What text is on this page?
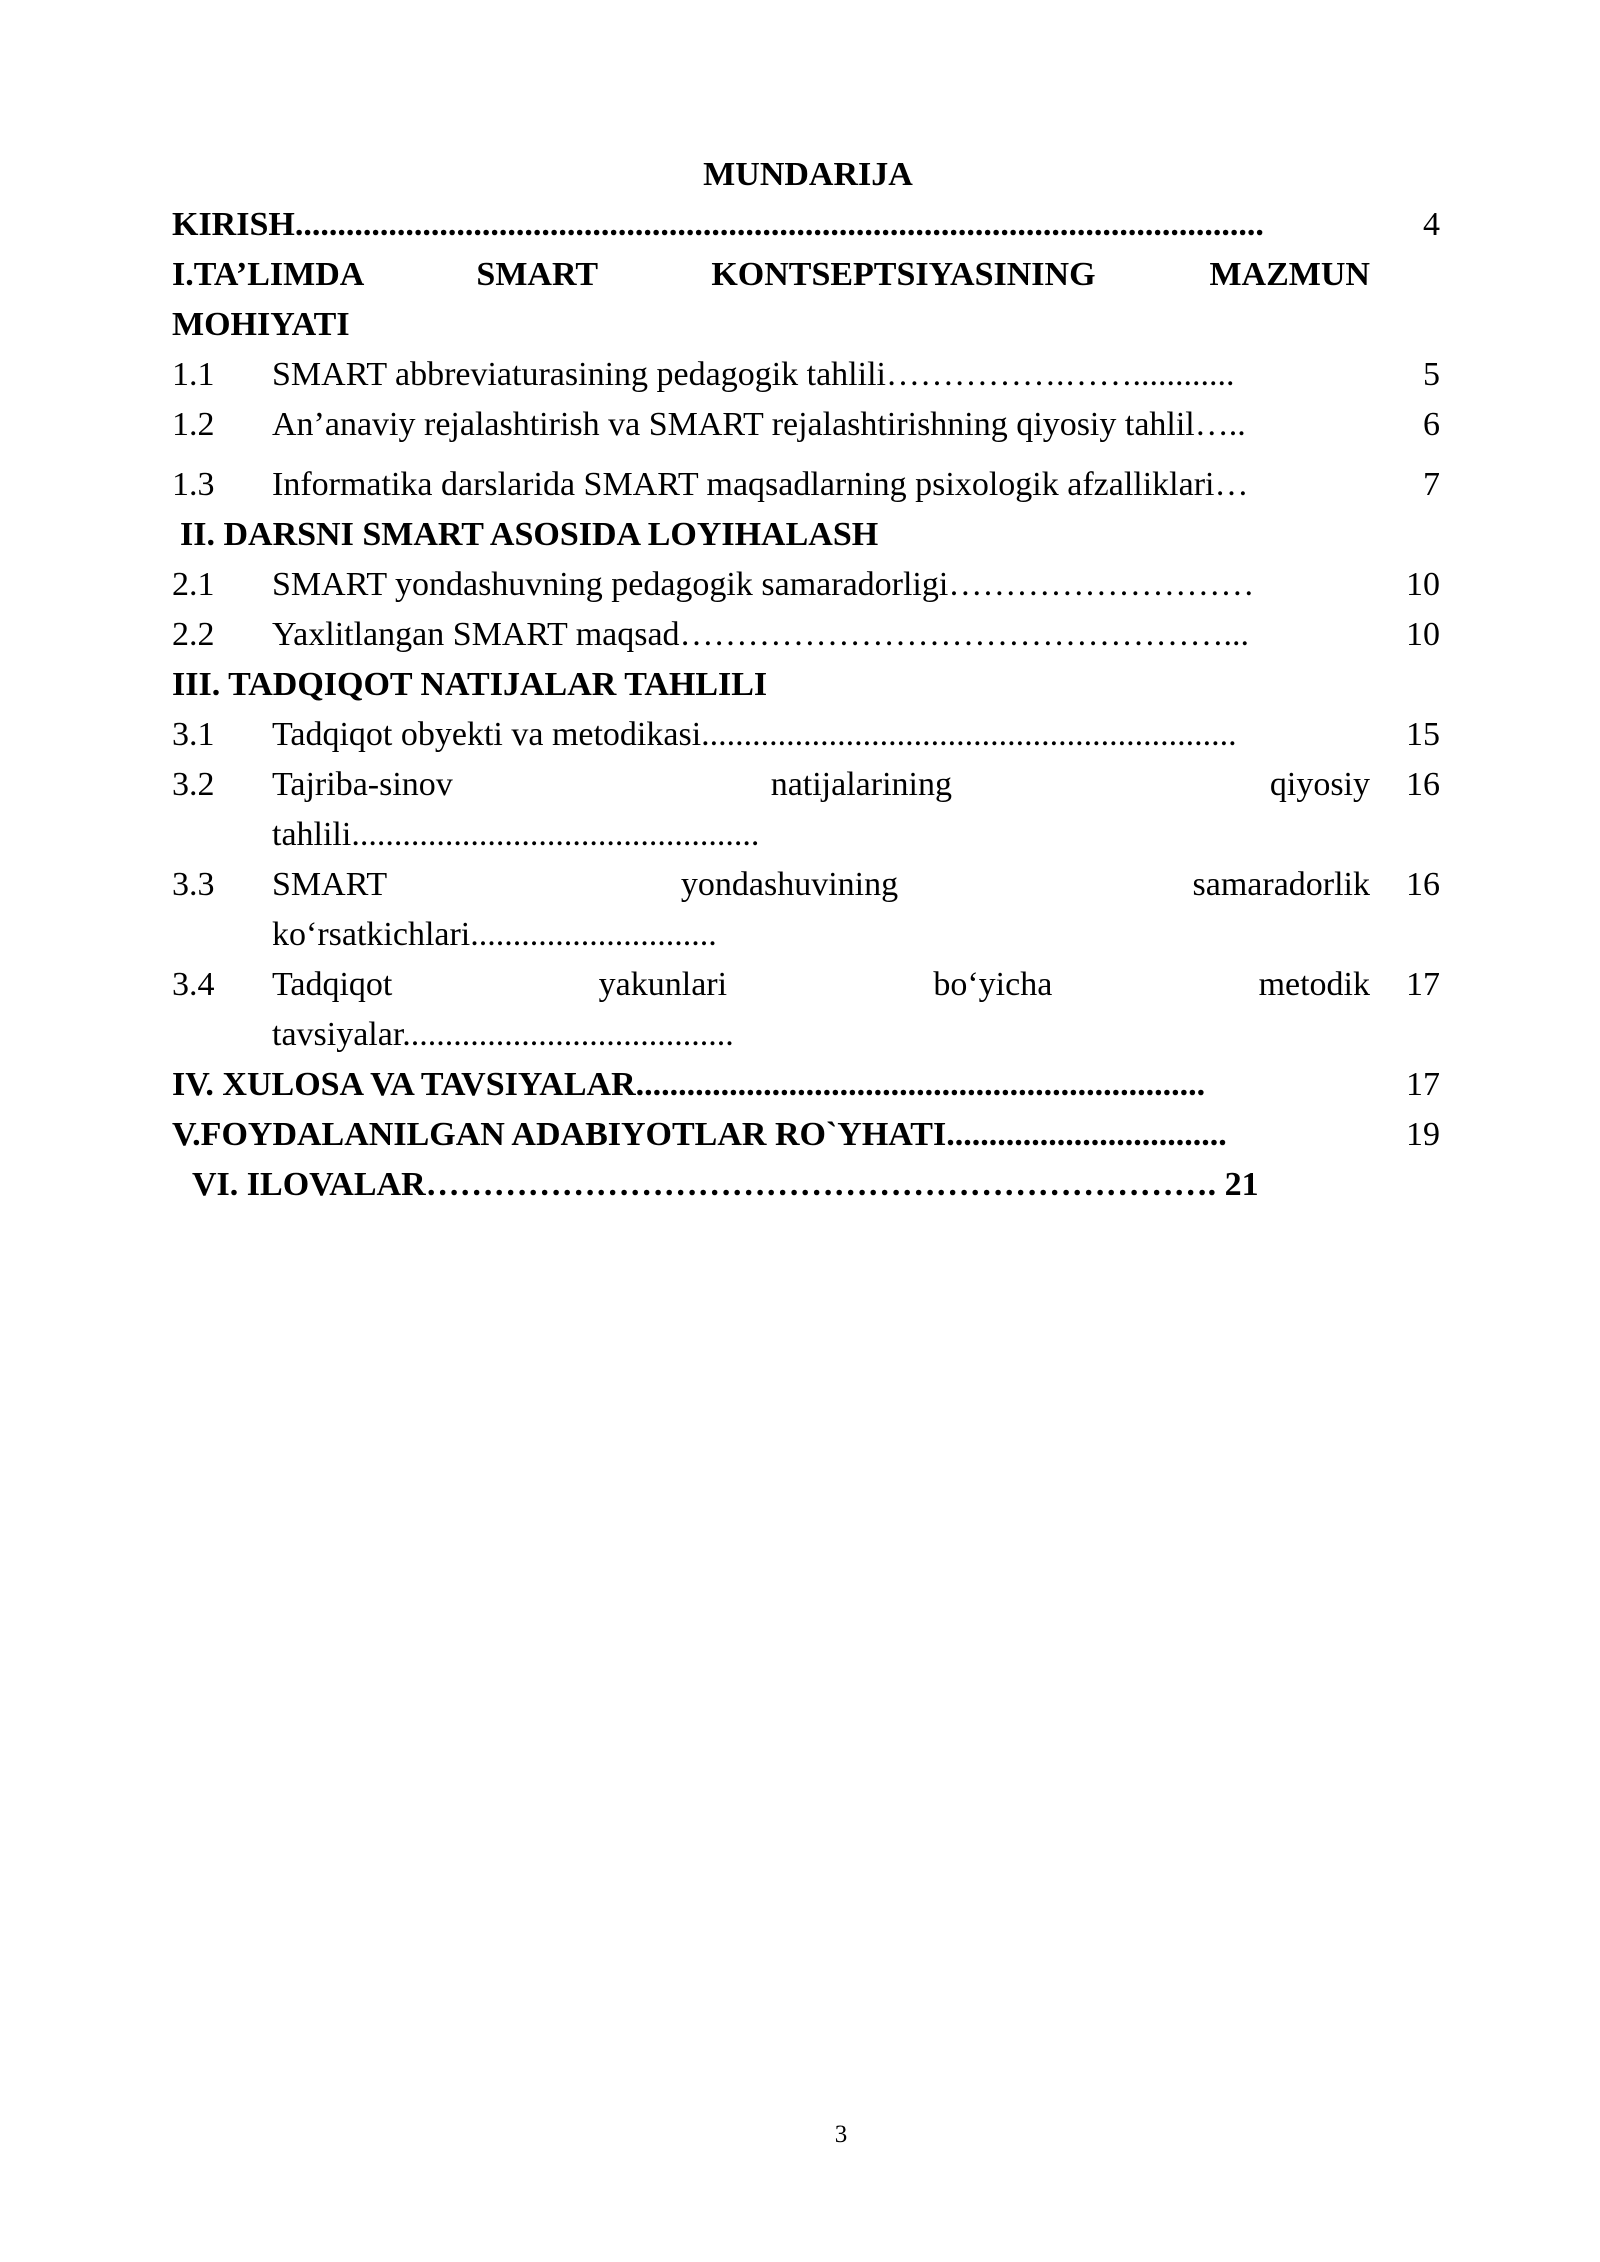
MUNDARIJA
KIRISH..................................................................................................................	4
I.TA’LIMDA SMART KONTSEPTSIYASINING MAZMUN
MOHIYATI
1.1 SMART abbreviaturasining pedagogik tahlili…………….……............	5
1.2 An’anaviy rejalashtirish va SMART rejalashtirishning qiyosiy tahlil…..	6
1.3 Informatika darslarida SMART maqsadlarning psixologik afzalliklari…	7
II. DARSNI SMART ASOSIDA LOYIHALASH
2.1 SMART yondashuvning pedagogik samaradorligi………………………	10
2.2 Yaxlitlangan SMART maqsad…………………………………………...	10
III. TADQIQOT NATIJALAR TAHLILI
3.1 Tadqiqot obyekti va metodikasi...............................................................	15
3.2 Tajriba-sinov natijalarining qiyosiy 16
tahlili................................................
3.3 SMART yondashuvining samaradorlik 16
ko‘rsatkichlari.............................
3.4 Tadqiqot yakunlari bo‘yicha metodik 17
tavsiyalar.......................................
IV. XULOSA VA TAVSIYALAR...................................................................	17
V.FOYDALANILGAN ADABIYOTLAR RO`YHATI.................................	19
VI. ILOVALAR……………………………………………………………. 21
3
